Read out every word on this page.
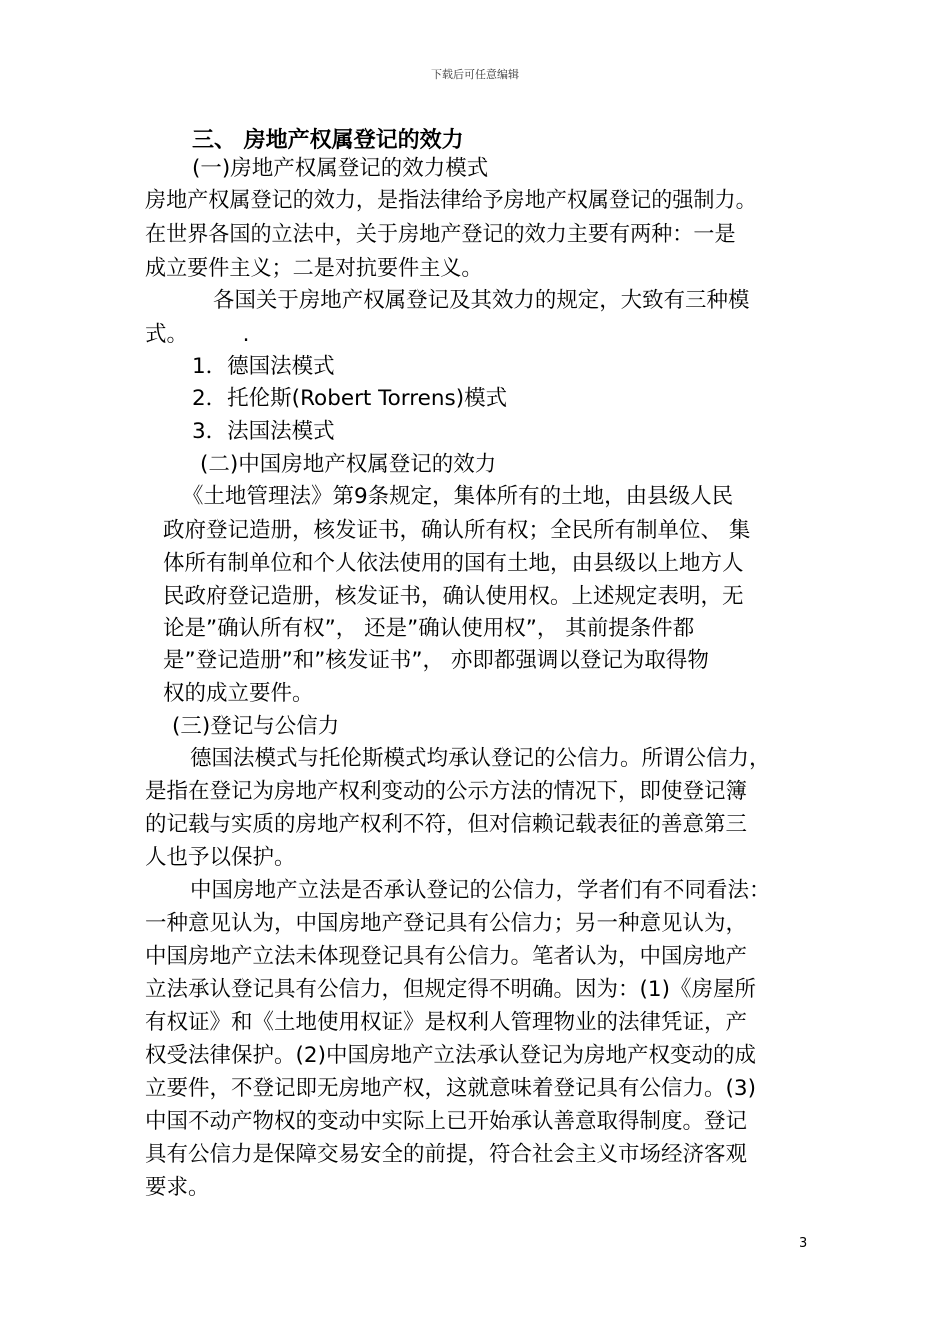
下载后可任意编辑
三、 房地产权属登记的效力
(一)房地产权属登记的效力模式
房地产权属登记的效力，是指法律给予房地产权属登记的强制力。
在世界各国的立法中，关于房地产登记的效力主要有两种：一是
成立要件主义；二是对抗要件主义。
各国关于房地产权属登记及其效力的规定，大致有三种模
式。        .
1．德国法模式
2．托伦斯(Robert Torrens)模式
3．法国法模式
(二)中国房地产权属登记的效力
《土地管理法》第9条规定，集体所有的土地，由县级人民
政府登记造册，核发证书，确认所有权；全民所有制单位、 集
体所有制单位和个人依法使用的国有土地，由县级以上地方人
民政府登记造册，核发证书，确认使用权。上述规定表明，无
论是”确认所有权”， 还是”确认使用权”， 其前提条件都
是”登记造册”和”核发证书”， 亦即都强调以登记为取得物
权的成立要件。
(三)登记与公信力
德国法模式与托伦斯模式均承认登记的公信力。所谓公信力，
是指在登记为房地产权利变动的公示方法的情况下，即使登记簿
的记载与实质的房地产权利不符，但对信赖记载表征的善意第三
人也予以保护。
中国房地产立法是否承认登记的公信力，学者们有不同看法：
一种意见认为，中国房地产登记具有公信力；另一种意见认为，
中国房地产立法未体现登记具有公信力。笔者认为，中国房地产
立法承认登记具有公信力，但规定得不明确。因为：(1)《房屋所
有权证》和《土地使用权证》是权利人管理物业的法律凭证，产
权受法律保护。(2)中国房地产立法承认登记为房地产权变动的成
立要件，不登记即无房地产权，这就意味着登记具有公信力。(3)
中国不动产物权的变动中实际上已开始承认善意取得制度。登记
具有公信力是保障交易安全的前提，符合社会主义市场经济客观
要求。
3
